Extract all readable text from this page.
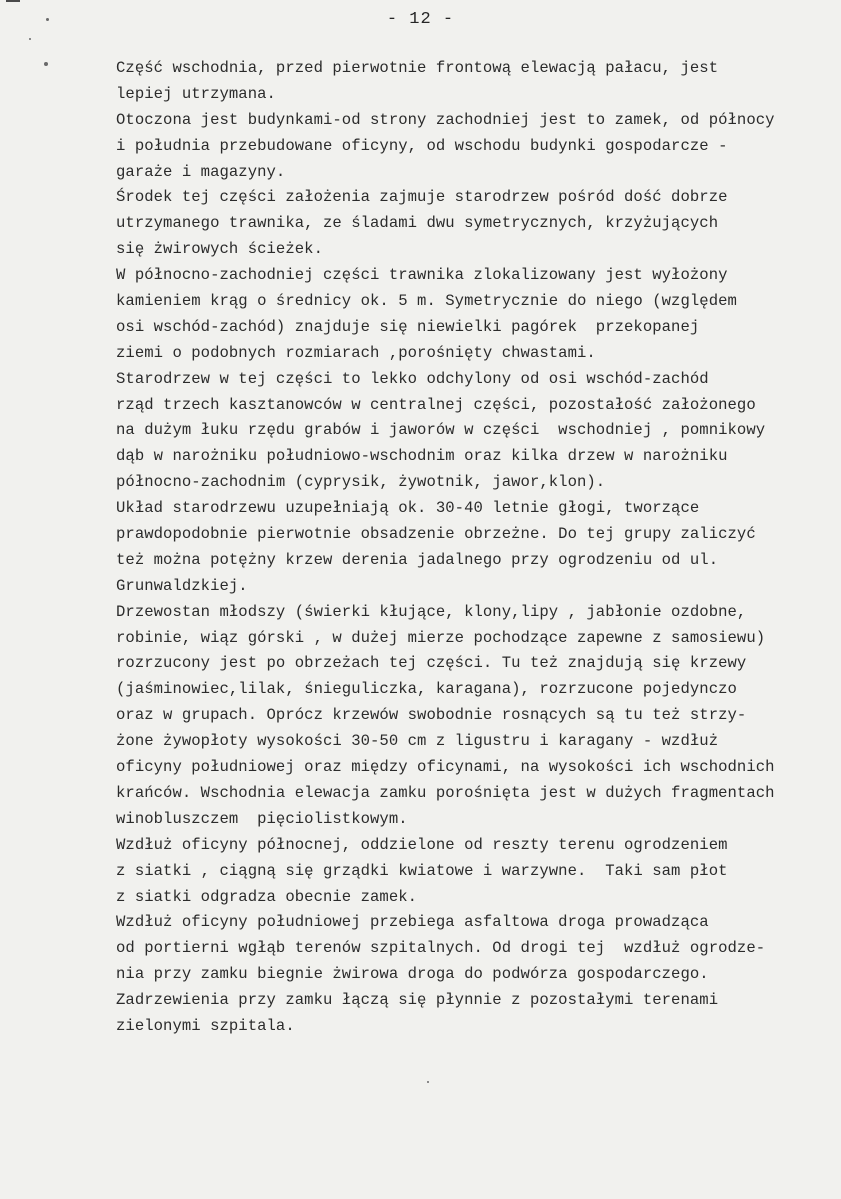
- 12 -
Część wschodnia, przed pierwotnie frontową elewacją pałacu, jest
lepiej utrzymana.
Otoczona jest budynkami-od strony zachodniej jest to zamek, od północy
i południa przebudowane oficyny, od wschodu budynki gospodarcze -
garaże i magazyny.
Środek tej części założenia zajmuje starodrzew pośród dość dobrze
utrzymanego trawnika, ze śladami dwu symetrycznych, krzyżujących
się żwirowych ścieżek.
W północno-zachodniej części trawnika zlokalizowany jest wyłożony
kamieniem krąg o średnicy ok. 5 m. Symetrycznie do niego (względem
osi wschód-zachód) znajduje się niewielki pagórek  przekopanej
ziemi o podobnych rozmiarach ,porośnięty chwastami.
Starodrzew w tej części to lekko odchylony od osi wschód-zachód
rząd trzech kasztanowców w centralnej części, pozostałość założonego
na dużym łuku rzędu grabów i jaworów w części  wschodniej , pomnikowy
dąb w narożniku południowo-wschodnim oraz kilka drzew w narożniku
północno-zachodnim (cyprysik, żywotnik, jawor,klon).
Układ starodrzewu uzupełniają ok. 30-40 letnie głogi, tworzące
prawdopodobnie pierwotnie obsadzenie obrzeżne. Do tej grupy zaliczyć
też można potężny krzew derenia jadalnego przy ogrodzeniu od ul.
Grunwaldzkiej.
Drzewostan młodszy (świerki kłujące, klony,lipy , jabłonie ozdobne,
robinie, wiąz górski , w dużej mierze pochodzące zapewne z samosiewu)
rozrzucony jest po obrzeżach tej części. Tu też znajdują się krzewy
(jaśminowiec,lilak, śnieguliczka, karagana), rozrzucone pojedynczo
oraz w grupach. Oprócz krzewów swobodnie rosnących są tu też strzy-
żone żywopłoty wysokości 30-50 cm z ligustru i karagany - wzdłuż
oficyny południowej oraz między oficynami, na wysokości ich wschodnich
krańców. Wschodnia elewacja zamku porośnięta jest w dużych fragmentach
winobluszczem  pięciolistkowym.
Wzdłuż oficyny północnej, oddzielone od reszty terenu ogrodzeniem
z siatki , ciągną się grządki kwiatowe i warzywne.  Taki sam płot
z siatki odgradza obecnie zamek.
Wzdłuż oficyny południowej przebiega asfaltowa droga prowadząca
od portierni wgłąb terenów szpitalnych. Od drogi tej  wzdłuż ogrodze-
nia przy zamku biegnie żwirowa droga do podwórza gospodarczego.
Zadrzewienia przy zamku łączą się płynnie z pozostałymi terenami
zielonymi szpitala.
